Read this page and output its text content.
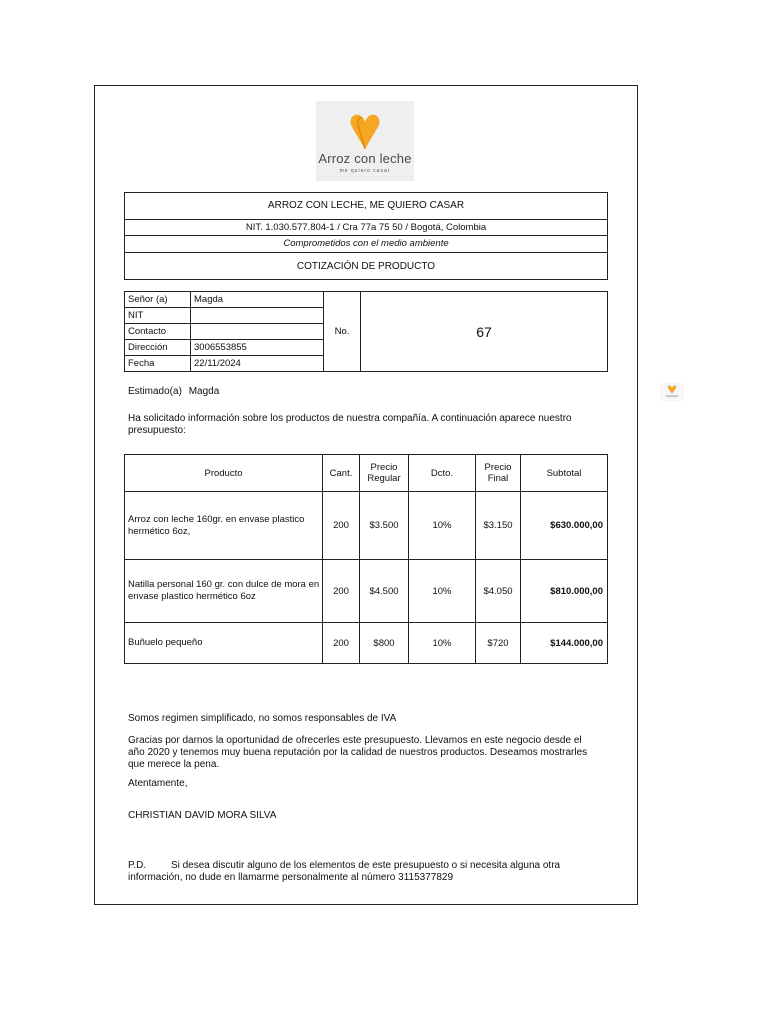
Arroz con leche
me quiero casar
ARROZ CON LECHE, ME QUIERO CASAR
NIT. 1.030.577.804-1 / Cra 77a 75 50 / Bogotá, Colombia
Comprometidos con el medio ambiente
COTIZACIÓN DE PRODUCTO
Señor (a)	Magda	No.	67
NIT			
Contacto			
Dirección	3006553855		
Fecha	22/11/2024		
Estimado(a) Magda
Ha solicitado información sobre los productos de nuestra compañía. A continuación aparece nuestro presupuesto:
Producto	Cant.	Precio Regular	Dcto.	Precio Final	Subtotal
Arroz con leche 160gr. en envase plastico hermético 6oz,	200	$3.500	10%	$3.150	$630.000,00
Natilla personal 160 gr. con dulce de mora en envase plastico hermético 6oz	200	$4.500	10%	$4.050	$810.000,00
Buñuelo pequeño	200	$800	10%	$720	$144.000,00
Somos regimen simplificado, no somos responsables de IVA
Gracias por darnos la oportunidad de ofrecerles este presupuesto. Llevamos en este negocio desde el año 2020 y tenemos muy buena reputación por la calidad de nuestros productos. Deseamos mostrarles que merece la pena.
Atentamente,
CHRISTIAN DAVID MORA SILVA
P.D. Si desea discutir alguno de los elementos de este presupuesto o si necesita alguna otra información, no dude en llamarme personalmente al número 3115377829
